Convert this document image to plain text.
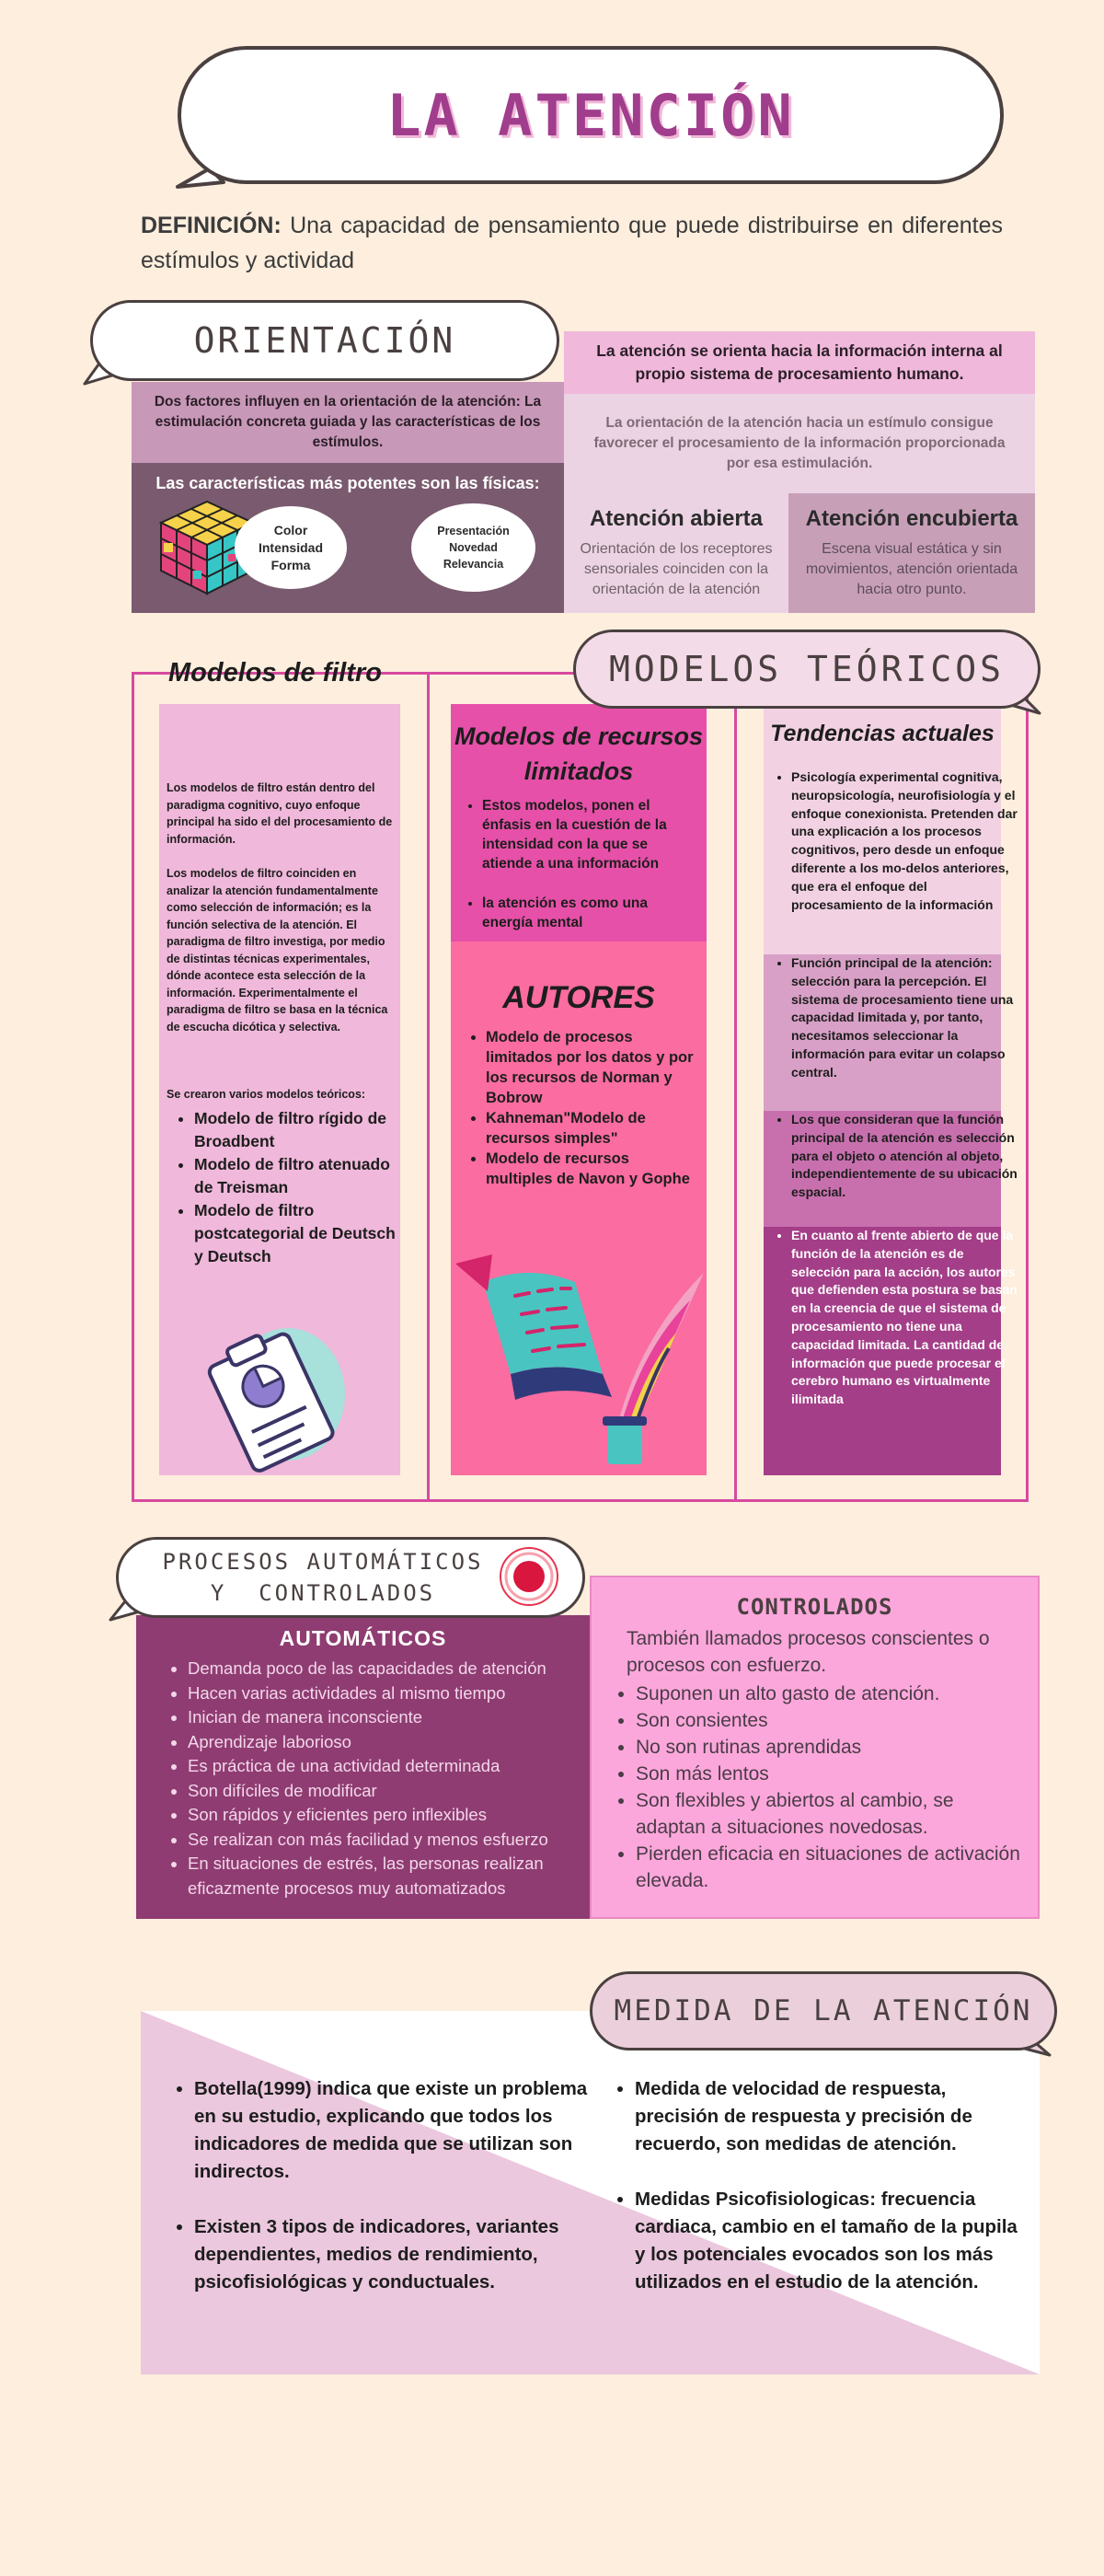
LA ATENCIÓN
DEFINICIÓN: Una capacidad de pensamiento que puede distribuirse en diferentes estímulos y actividad
Dos factores influyen en la orientación de la atención: La estimulación concreta guiada y las características de los estímulos.
Las características más potentes son las físicas:
Color
Intensidad
Forma
Presentación
Novedad
Relevancia
La atención se orienta hacia la información interna al propio sistema de procesamiento humano.
La orientación de la atención hacia un estímulo consigue favorecer el procesamiento de la información proporcionada por esa estimulación.
Atención abierta
Orientación de los receptores sensoriales coinciden con la orientación de la atención
Atención encubierta
Escena visual estática y sin movimientos, atención orientada hacia otro punto.
ORIENTACIÓN
Modelos de filtro
Los modelos de filtro están dentro del paradigma cognitivo, cuyo enfoque principal ha sido el del procesamiento de información.
Los modelos de filtro coinciden en analizar la atención fundamentalmente como selección de información; es la función selectiva de la atención. El paradigma de filtro investiga, por medio de distintas técnicas experimentales, dónde acontece esta selección de la información. Experimentalmente el paradigma de filtro se basa en la técnica de escucha dicótica y selectiva.
Se crearon varios modelos teóricos:
• Modelo de filtro rígido de Broadbent
• Modelo de filtro atenuado de Treisman
• Modelo de filtro postcategorial de Deutsch y Deutsch
Modelos de recursos limitados
• Estos modelos, ponen el énfasis en la cuestión de la intensidad con la que se atiende a una información
• la atención es como una energía mental
AUTORES
• Modelo de procesos limitados por los datos y por los recursos de Norman y Bobrow
• Kahneman"Modelo de recursos simples"
• Modelo de recursos multiples de Navon y Gophe
Tendencias actuales
• Psicología experimental cognitiva, neuropsicología, neurofisiología y el enfoque conexionista. Pretenden dar una explicación a los procesos cognitivos, pero desde un enfoque diferente a los mo-delos anteriores, que era el enfoque del procesamiento de la información
• Función principal de la atención: selección para la percepción. El sistema de procesamiento tiene una capacidad limitada y, por tanto, necesitamos seleccionar la información para evitar un colapso central.
• Los que consideran que la función principal de la atención es selección para el objeto o atención al objeto, independientemente de su ubicación espacial.
• En cuanto al frente abierto de que la función de la atención es de selección para la acción, los autores que defienden esta postura se basan en la creencia de que el sistema de procesamiento no tiene una capacidad limitada. La cantidad de información que puede procesar el cerebro humano es virtualmente ilimitada
MODELOS TEÓRICOS
AUTOMÁTICOS
• Demanda poco de las capacidades de atención
• Hacen varias actividades al mismo tiempo
• Inician de manera inconsciente
• Aprendizaje laborioso
• Es práctica de una actividad determinada
• Son difíciles de modificar
• Son rápidos y eficientes pero inflexibles
• Se realizan con más facilidad y menos esfuerzo
• En situaciones de estrés, las personas realizan eficazmente procesos muy automatizados
CONTROLADOS
También llamados procesos conscientes o procesos con esfuerzo.
• Suponen un alto gasto de atención.
• Son consientes
• No son rutinas aprendidas
• Son más lentos
• Son flexibles y abiertos al cambio, se adaptan a situaciones novedosas.
• Pierden eficacia en situaciones de activación elevada.
PROCESOS AUTOMÁTICOS
Y  CONTROLADOS
• Botella(1999) indica que existe un problema en su estudio, explicando que todos los indicadores de medida que se utilizan son indirectos.
• Existen 3 tipos de indicadores, variantes dependientes, medios de rendimiento, psicofisiológicas y conductuales.
• Medida de velocidad de respuesta, precisión de respuesta y precisión de recuerdo, son medidas de atención.
• Medidas Psicofisiologicas: frecuencia cardiaca, cambio en el tamaño de la pupila y los potenciales evocados son los más utilizados en el estudio de la atención.
MEDIDA DE LA ATENCIÓN
